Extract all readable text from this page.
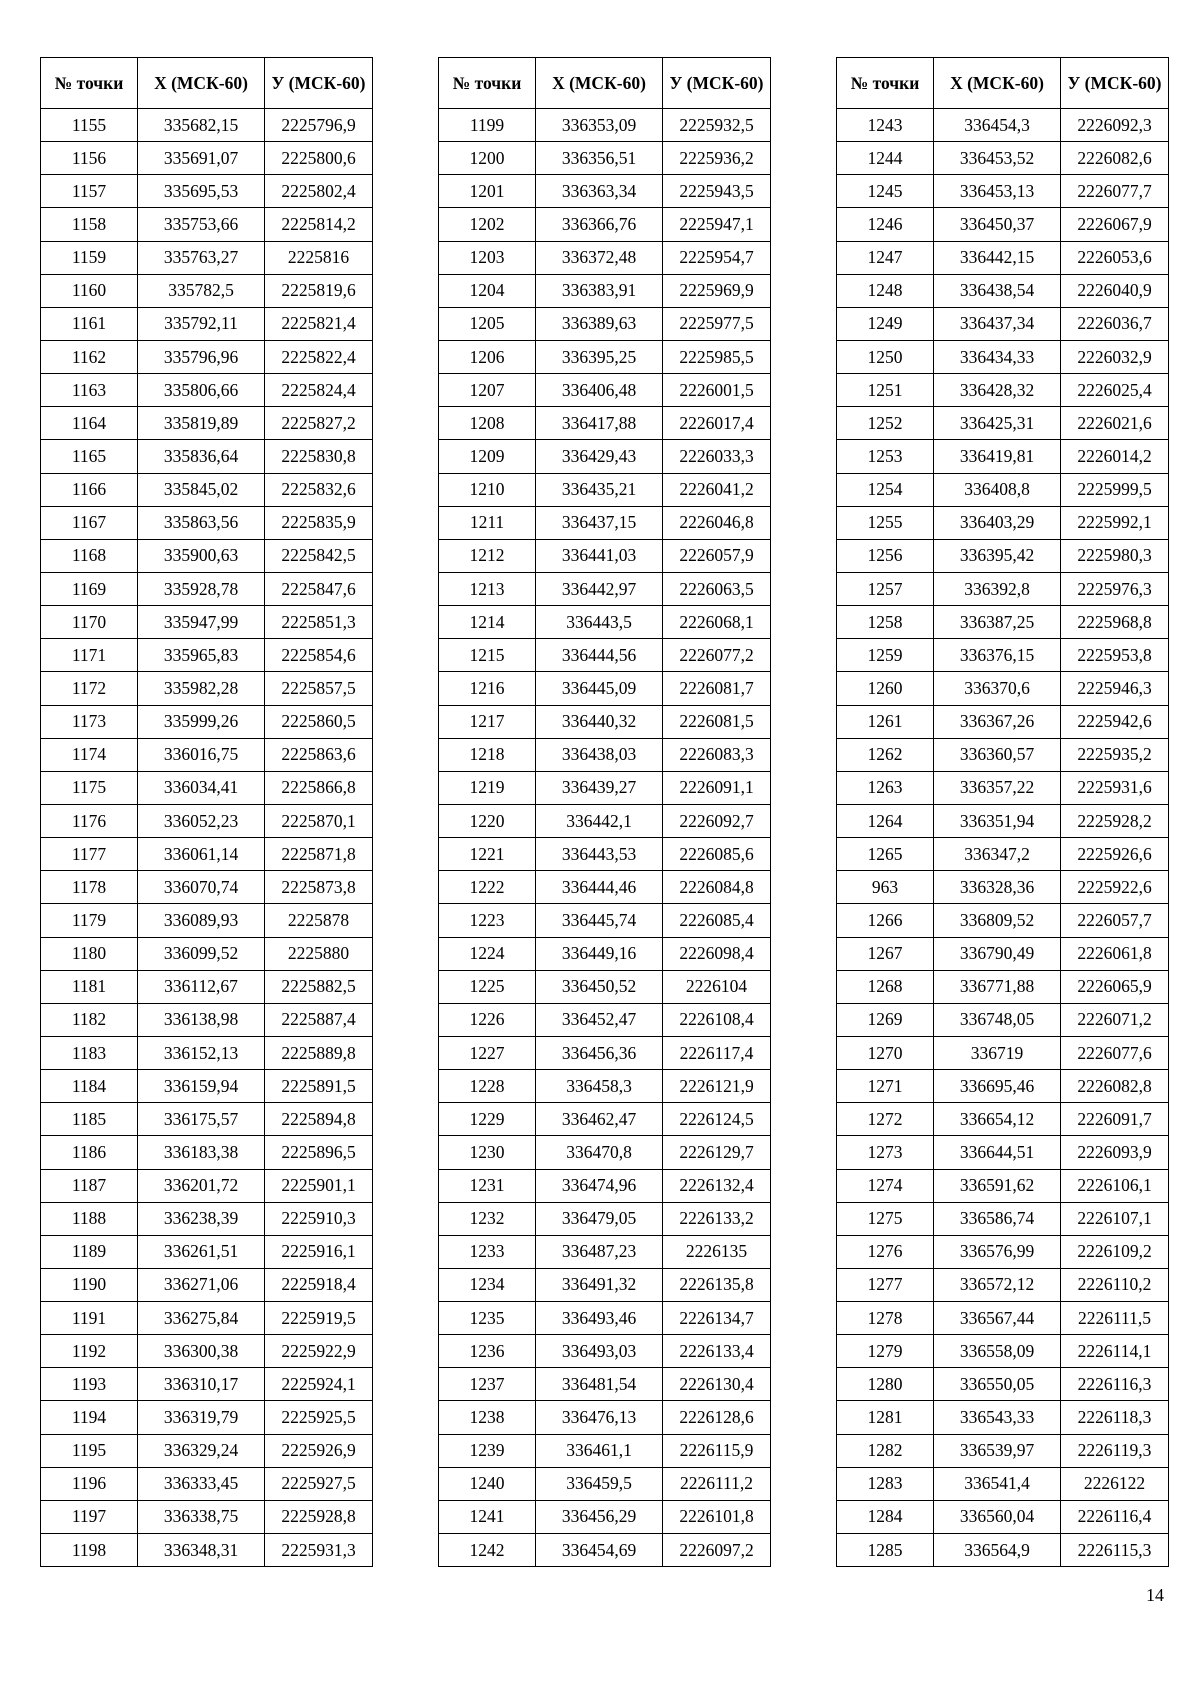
№ точки	Х (МСК-60)	У (МСК-60)
1155	335682,15	2225796,9
1156	335691,07	2225800,6
1157	335695,53	2225802,4
1158	335753,66	2225814,2
1159	335763,27	2225816
1160	335782,5	2225819,6
1161	335792,11	2225821,4
1162	335796,96	2225822,4
1163	335806,66	2225824,4
1164	335819,89	2225827,2
1165	335836,64	2225830,8
1166	335845,02	2225832,6
1167	335863,56	2225835,9
1168	335900,63	2225842,5
1169	335928,78	2225847,6
1170	335947,99	2225851,3
1171	335965,83	2225854,6
1172	335982,28	2225857,5
1173	335999,26	2225860,5
1174	336016,75	2225863,6
1175	336034,41	2225866,8
1176	336052,23	2225870,1
1177	336061,14	2225871,8
1178	336070,74	2225873,8
1179	336089,93	2225878
1180	336099,52	2225880
1181	336112,67	2225882,5
1182	336138,98	2225887,4
1183	336152,13	2225889,8
1184	336159,94	2225891,5
1185	336175,57	2225894,8
1186	336183,38	2225896,5
1187	336201,72	2225901,1
1188	336238,39	2225910,3
1189	336261,51	2225916,1
1190	336271,06	2225918,4
1191	336275,84	2225919,5
1192	336300,38	2225922,9
1193	336310,17	2225924,1
1194	336319,79	2225925,5
1195	336329,24	2225926,9
1196	336333,45	2225927,5
1197	336338,75	2225928,8
1198	336348,31	2225931,3
№ точки	Х (МСК-60)	У (МСК-60)
1199	336353,09	2225932,5
1200	336356,51	2225936,2
1201	336363,34	2225943,5
1202	336366,76	2225947,1
1203	336372,48	2225954,7
1204	336383,91	2225969,9
1205	336389,63	2225977,5
1206	336395,25	2225985,5
1207	336406,48	2226001,5
1208	336417,88	2226017,4
1209	336429,43	2226033,3
1210	336435,21	2226041,2
1211	336437,15	2226046,8
1212	336441,03	2226057,9
1213	336442,97	2226063,5
1214	336443,5	2226068,1
1215	336444,56	2226077,2
1216	336445,09	2226081,7
1217	336440,32	2226081,5
1218	336438,03	2226083,3
1219	336439,27	2226091,1
1220	336442,1	2226092,7
1221	336443,53	2226085,6
1222	336444,46	2226084,8
1223	336445,74	2226085,4
1224	336449,16	2226098,4
1225	336450,52	2226104
1226	336452,47	2226108,4
1227	336456,36	2226117,4
1228	336458,3	2226121,9
1229	336462,47	2226124,5
1230	336470,8	2226129,7
1231	336474,96	2226132,4
1232	336479,05	2226133,2
1233	336487,23	2226135
1234	336491,32	2226135,8
1235	336493,46	2226134,7
1236	336493,03	2226133,4
1237	336481,54	2226130,4
1238	336476,13	2226128,6
1239	336461,1	2226115,9
1240	336459,5	2226111,2
1241	336456,29	2226101,8
1242	336454,69	2226097,2
№ точки	Х (МСК-60)	У (МСК-60)
1243	336454,3	2226092,3
1244	336453,52	2226082,6
1245	336453,13	2226077,7
1246	336450,37	2226067,9
1247	336442,15	2226053,6
1248	336438,54	2226040,9
1249	336437,34	2226036,7
1250	336434,33	2226032,9
1251	336428,32	2226025,4
1252	336425,31	2226021,6
1253	336419,81	2226014,2
1254	336408,8	2225999,5
1255	336403,29	2225992,1
1256	336395,42	2225980,3
1257	336392,8	2225976,3
1258	336387,25	2225968,8
1259	336376,15	2225953,8
1260	336370,6	2225946,3
1261	336367,26	2225942,6
1262	336360,57	2225935,2
1263	336357,22	2225931,6
1264	336351,94	2225928,2
1265	336347,2	2225926,6
963	336328,36	2225922,6
1266	336809,52	2226057,7
1267	336790,49	2226061,8
1268	336771,88	2226065,9
1269	336748,05	2226071,2
1270	336719	2226077,6
1271	336695,46	2226082,8
1272	336654,12	2226091,7
1273	336644,51	2226093,9
1274	336591,62	2226106,1
1275	336586,74	2226107,1
1276	336576,99	2226109,2
1277	336572,12	2226110,2
1278	336567,44	2226111,5
1279	336558,09	2226114,1
1280	336550,05	2226116,3
1281	336543,33	2226118,3
1282	336539,97	2226119,3
1283	336541,4	2226122
1284	336560,04	2226116,4
1285	336564,9	2226115,3
14
